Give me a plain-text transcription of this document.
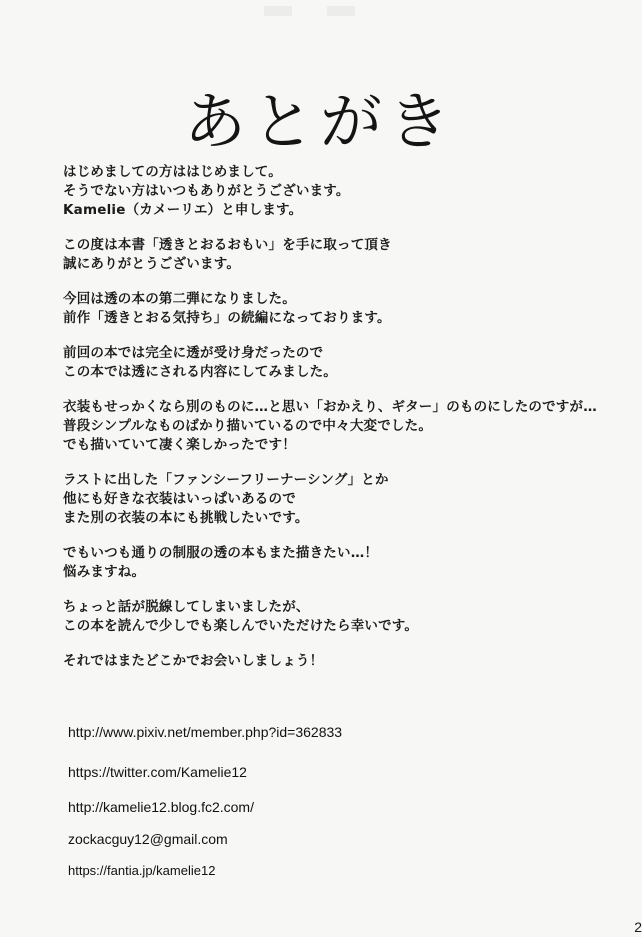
あとがき
はじめましての方ははじめまして。
そうでない方はいつもありがとうございます。
Kamelie（カメーリエ）と申します。
この度は本書「透きとおるおもい」を手に取って頂き
誠にありがとうございます。
今回は透の本の第二弾になりました。
前作「透きとおる気持ち」の続編になっております。
前回の本では完全に透が受け身だったので
この本では透にされる内容にしてみました。
衣装もせっかくなら別のものに…と思い「おかえり、ギター」のものにしたのですが…
普段シンプルなものばかり描いているので中々大変でした。
でも描いていて凄く楽しかったです！
ラストに出した「ファンシーフリーナーシング」とか
他にも好きな衣装はいっぱいあるので
また別の衣装の本にも挑戦したいです。
でもいつも通りの制服の透の本もまた描きたい…！
悩みますね。
ちょっと話が脱線してしまいましたが、
この本を読んで少しでも楽しんでいただけたら幸いです。
それではまたどこかでお会いしましょう！
http://www.pixiv.net/member.php?id=362833
https://twitter.com/Kamelie12
http://kamelie12.blog.fc2.com/
zockacguy12@gmail.com
https://fantia.jp/kamelie12
2
